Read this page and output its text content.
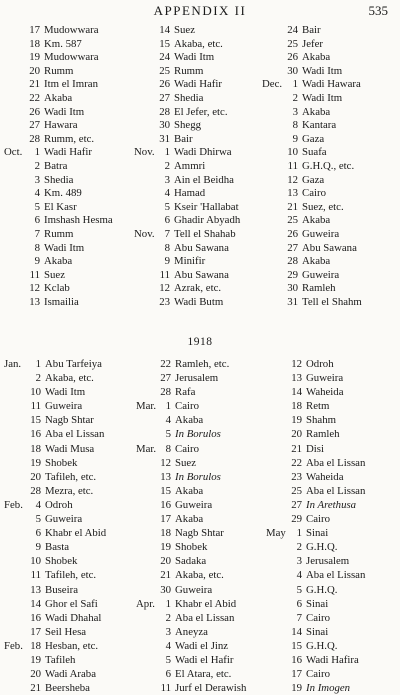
APPENDIX II	535
17 Mudowwara
18 Km. 587
19 Mudowwara
20 Rumm
21 Itm el Imran
22 Akaba
26 Wadi Itm
27 Hawara
28 Rumm, etc.
Oct. 1 Wadi Hafir
2 Batra
3 Shedia
4 Km. 489
5 El Kasr
6 Imshash Hesma
7 Rumm
8 Wadi Itm
9 Akaba
11 Suez
12 Kclab
13 Ismailia
14 Suez
15 Akaba, etc.
24 Wadi Itm
25 Rumm
26 Wadi Hafir
27 Shedia
28 El Jefer, etc.
30 Shegg
31 Bair
Nov. 1 Wadi Dhirwa
2 Ammri
3 Ain el Beidha
4 Hamad
5 Kseir 'Hallabat
6 Ghadir Abyadh
Nov. 7 Tell el Shahab
8 Abu Sawana
9 Minifir
11 Abu Sawana
12 Azrak, etc.
23 Wadi Butm
24 Bair
25 Jefer
26 Akaba
30 Wadi Itm
Dec. 1 Wadi Hawara
2 Wadi Itm
3 Akaba
8 Kantara
9 Gaza
10 Suafa
11 G.H.Q., etc.
12 Gaza
13 Cairo
21 Suez, etc.
25 Akaba
26 Guweira
27 Abu Sawana
28 Akaba
29 Guweira
30 Ramleh
31 Tell el Shahm
1918
Jan. 1 Abu Tarfeiya
2 Akaba, etc.
10 Wadi Itm
11 Guweira
15 Nagb Shtar
16 Aba el Lissan
18 Wadi Musa
19 Shobek
20 Tafileh, etc.
28 Mezra, etc.
Feb. 4 Odroh
5 Guweira
6 Khabr el Abid
9 Basta
10 Shobek
11 Tafileh, etc.
13 Buseira
14 Ghor el Safi
16 Wadi Dhahal
17 Seil Hesa
Feb. 18 Hesban, etc.
19 Tafileh
20 Wadi Araba
21 Beersheba
22 Ramleh, etc.
27 Jerusalem
28 Rafa
Mar. 1 Cairo
4 Akaba
5 In Borulos
Mar. 8 Cairo
12 Suez
13 In Borulos
15 Akaba
16 Guweira
17 Akaba
18 Nagb Shtar
19 Shobek
20 Sadaka
21 Akaba, etc.
30 Guweira
Apr. 1 Khabr el Abid
2 Aba el Lissan
3 Aneyza
4 Wadi el Jinz
5 Wadi el Hafir
6 El Atara, etc.
11 Jurf el Derawish
12 Odroh
13 Guweira
14 Waheida
18 Retm
19 Shahm
20 Ramleh
21 Disi
22 Aba el Lissan
23 Waheida
25 Aba el Lissan
27 In Arethusa
29 Cairo
May 1 Sinai
2 G.H.Q.
3 Jerusalem
4 Aba el Lissan
5 G.H.Q.
6 Sinai
7 Cairo
14 Sinai
15 G.H.Q.
16 Wadi Hafira
17 Cairo
19 In Imogen
